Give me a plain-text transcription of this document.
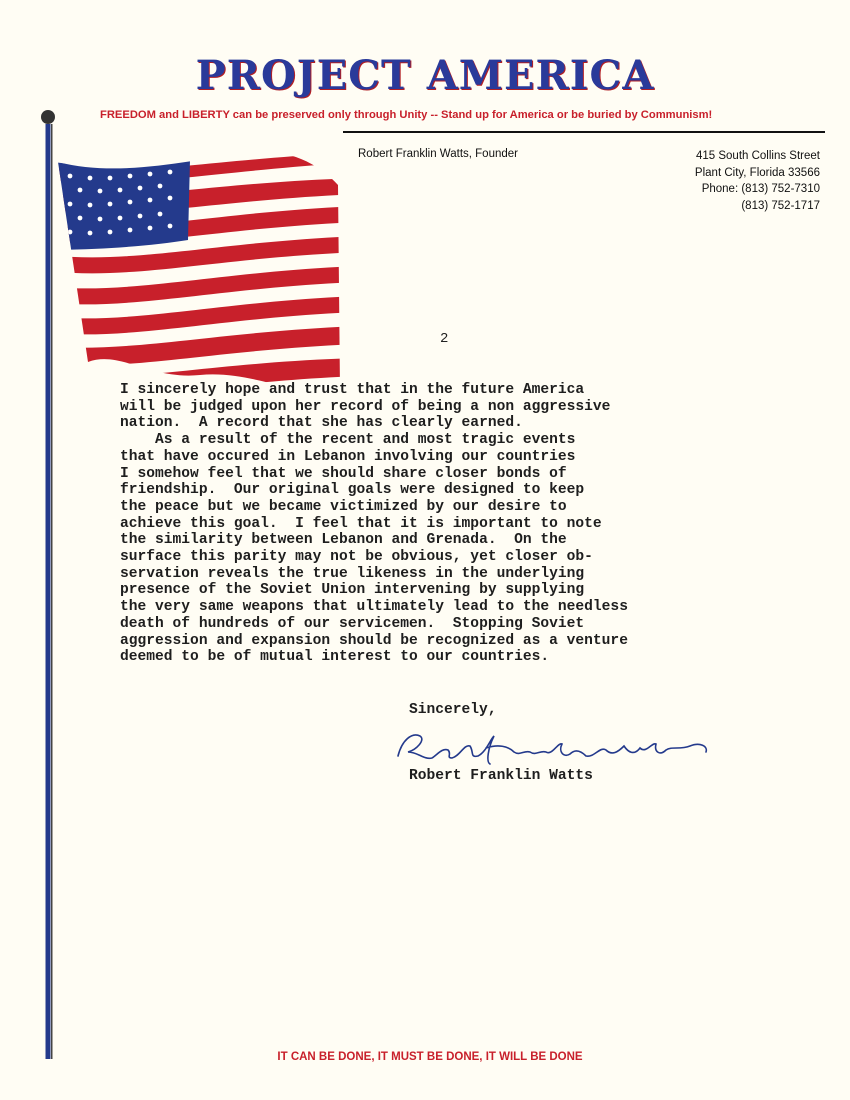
PROJECT AMERICA
FREEDOM and LIBERTY can be preserved only through Unity -- Stand up for America or be buried by Communism!
Robert Franklin Watts, Founder	415 South Collins Street
Plant City, Florida 33566
Phone: (813) 752-7310
(813) 752-1717
2
I sincerely hope and trust that in the future America
will be judged upon her record of being a non aggressive
nation.  A record that she has clearly earned.
As a result of the recent and most tragic events
that have occured in Lebanon involving our countries
I somehow feel that we should share closer bonds of
friendship.  Our original goals were designed to keep
the peace but we became victimized by our desire to
achieve this goal.  I feel that it is important to note
the similarity between Lebanon and Grenada.  On the
surface this parity may not be obvious, yet closer ob-
servation reveals the true likeness in the underlying
presence of the Soviet Union intervening by supplying
the very same weapons that ultimately lead to the needless
death of hundreds of our servicemen.  Stopping Soviet
aggression and expansion should be recognized as a venture
deemed to be of mutual interest to our countries.
Sincerely,
Robert Franklin Watts
IT CAN BE DONE, IT MUST BE DONE, IT WILL BE DONE
